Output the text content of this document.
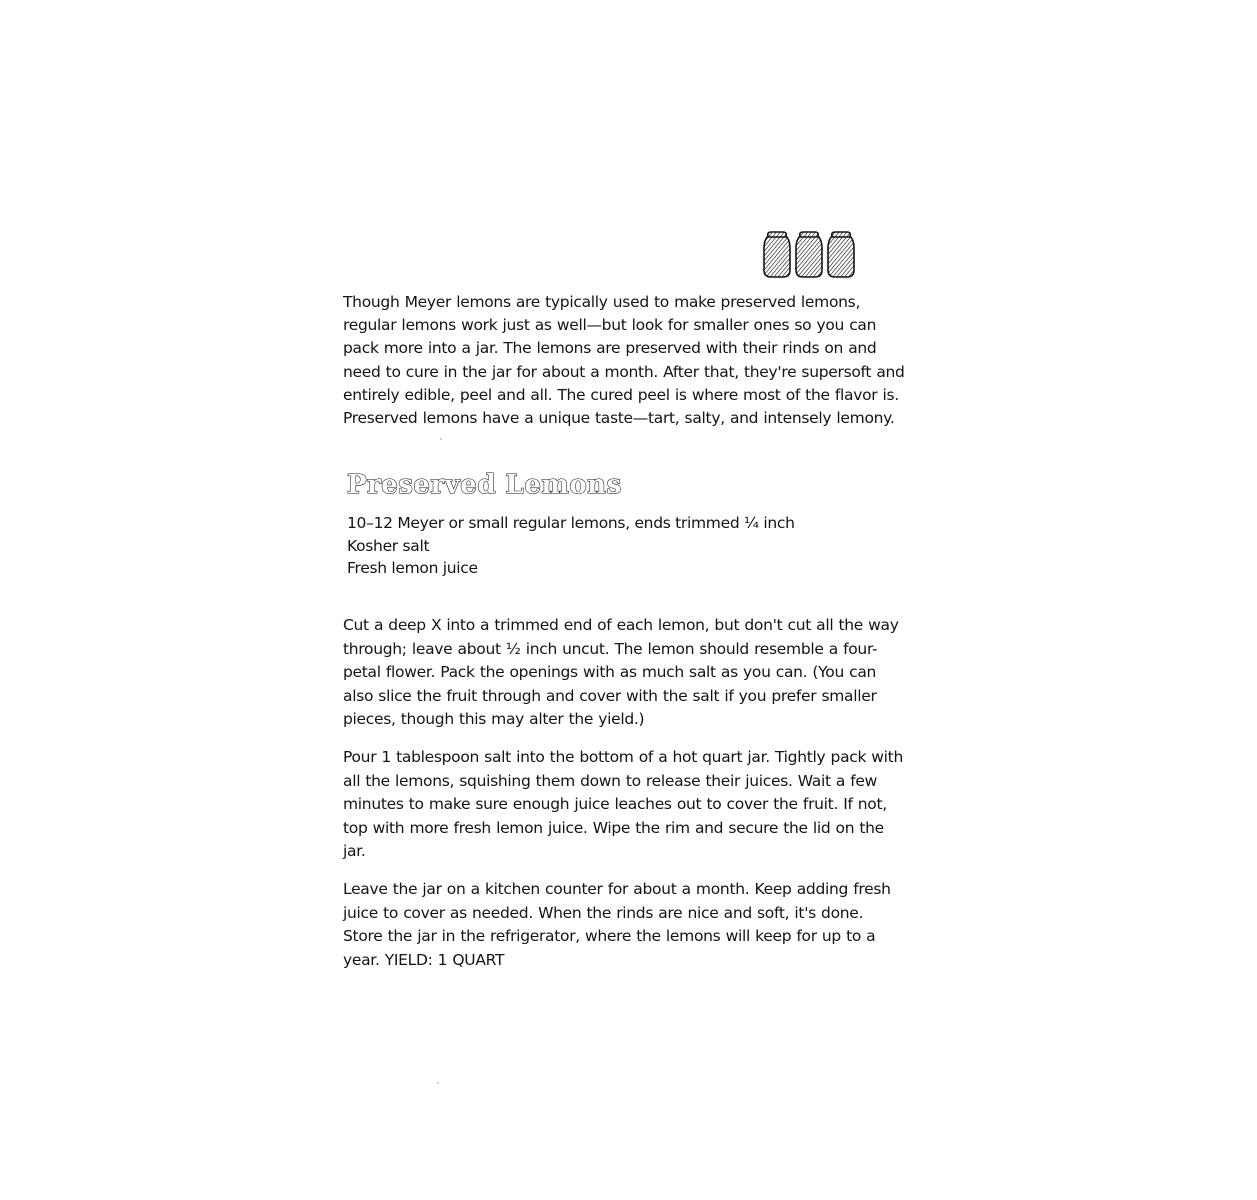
Though Meyer lemons are typically used to make preserved lemons, regular lemons work just as well—but look for smaller ones so you can pack more into a jar. The lemons are preserved with their rinds on and need to cure in the jar for about a month. After that, they're supersoft and entirely edible, peel and all. The cured peel is where most of the flavor is. Preserved lemons have a unique taste—tart, salty, and intensely lemony.

Preserved Lemons
10–12 Meyer or small regular lemons, ends trimmed ¼ inch
Kosher salt
Fresh lemon juice

Cut a deep X into a trimmed end of each lemon, but don't cut all the way through; leave about ½ inch uncut. The lemon should resemble a four-petal flower. Pack the openings with as much salt as you can. (You can also slice the fruit through and cover with the salt if you prefer smaller pieces, though this may alter the yield.)

Pour 1 tablespoon salt into the bottom of a hot quart jar. Tightly pack with all the lemons, squishing them down to release their juices. Wait a few minutes to make sure enough juice leaches out to cover the fruit. If not, top with more fresh lemon juice. Wipe the rim and secure the lid on the jar.

Leave the jar on a kitchen counter for about a month. Keep adding fresh juice to cover as needed. When the rinds are nice and soft, it's done. Store the jar in the refrigerator, where the lemons will keep for up to a year. YIELD: 1 QUART
